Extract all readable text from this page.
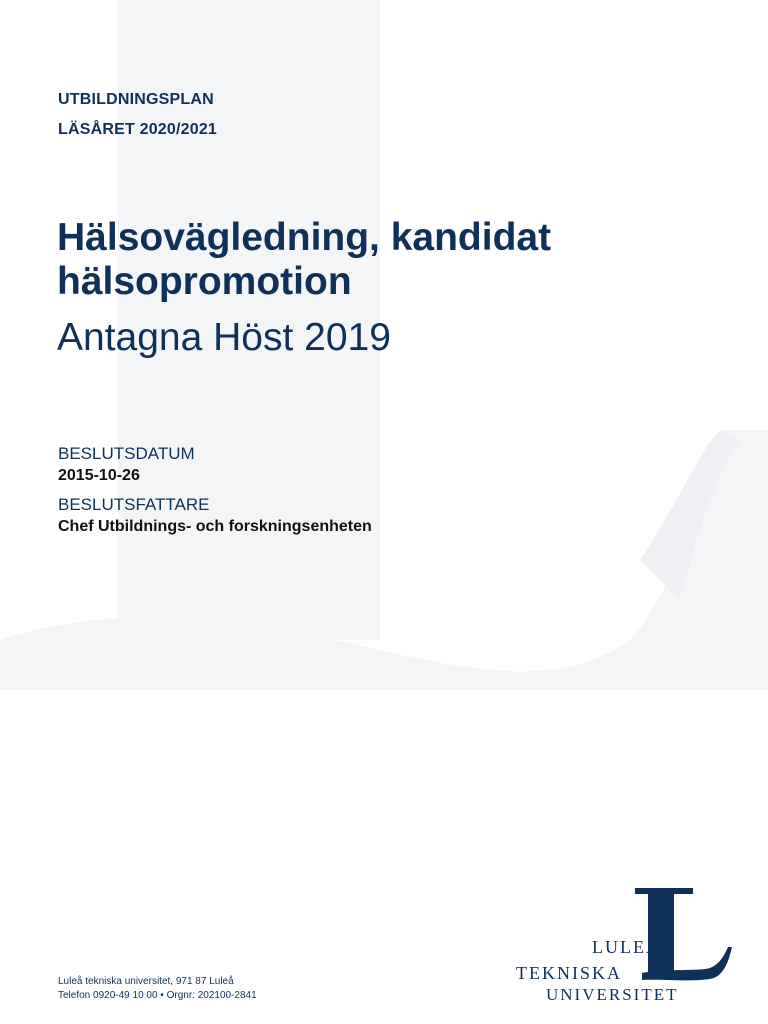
UTBILDNINGSPLAN
LÄSÅRET 2020/2021
Hälsovägledning, kandidat hälsopromotion
Antagna Höst 2019
BESLUTSDATUM
2015-10-26
BESLUTSFATTARE
Chef Utbildnings- och forskningsenheten
Luleå tekniska universitet, 971 87 Luleå
Telefon 0920-49 10 00 • Orgnr: 202100-2841
LULEÅ
TEKNISKA
UNIVERSITET
